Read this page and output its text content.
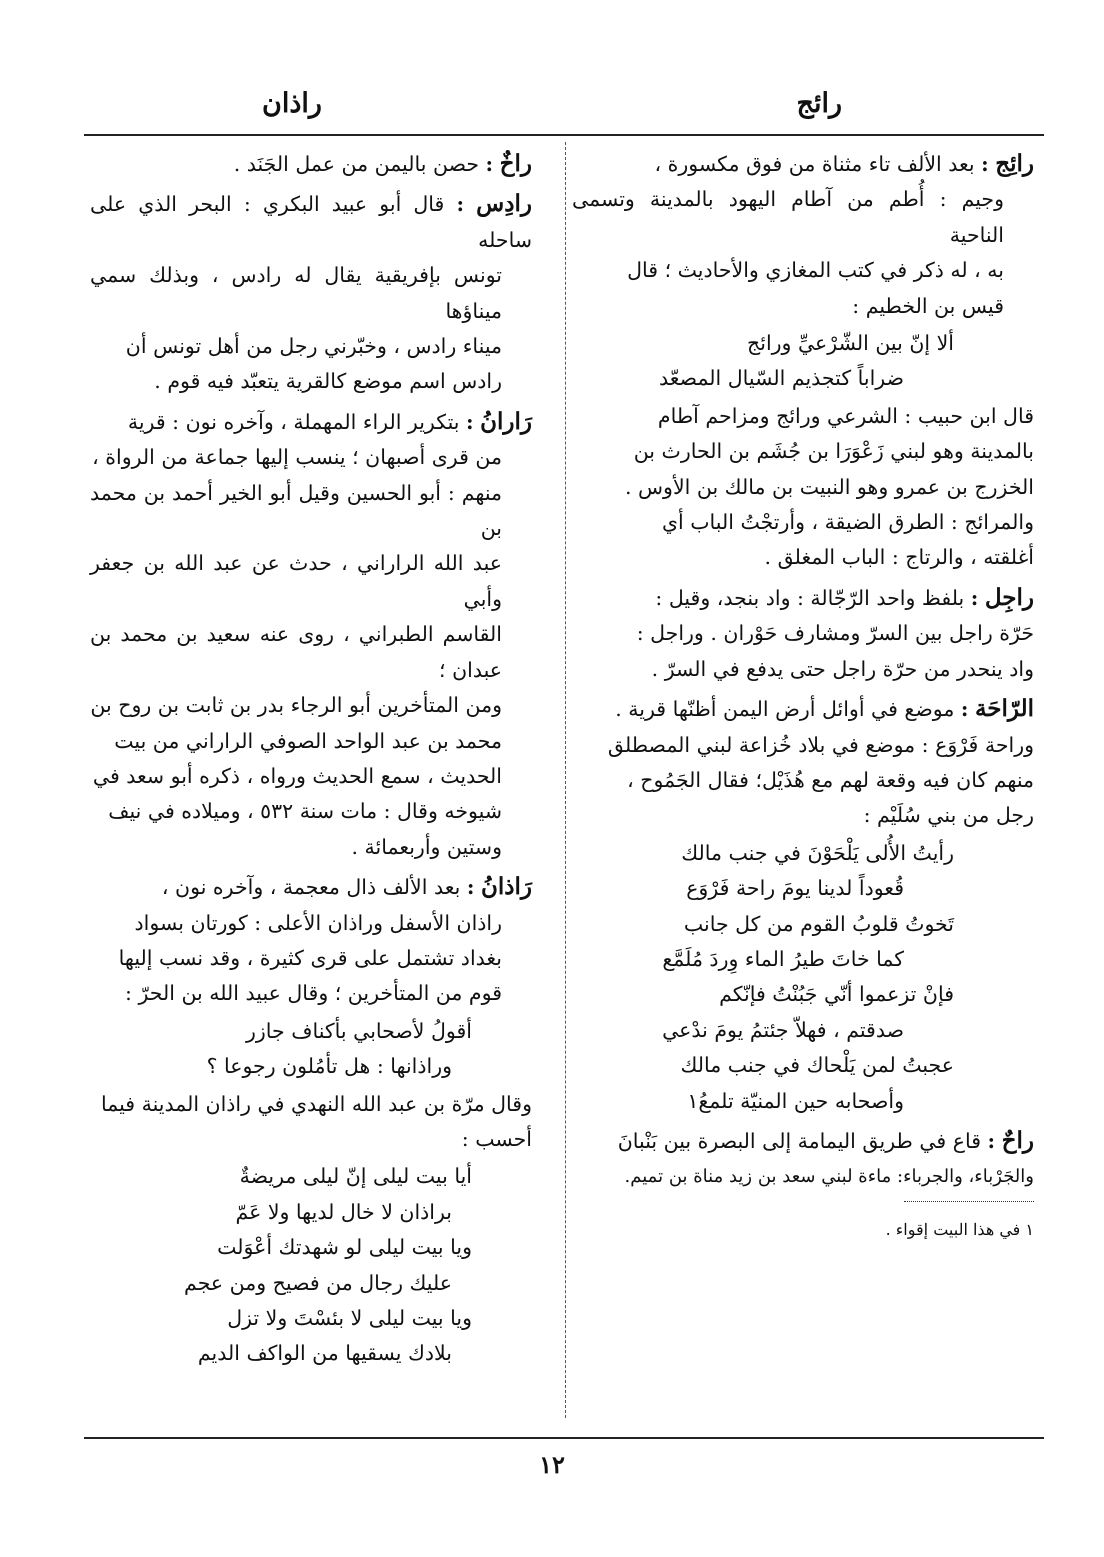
رائج
راذان

رائِج : بعد الألف تاء مثناة من فوق مكسورة ،

وجيم : أُطم من آطام اليهود بالمدينة وتسمى الناحية

به ، له ذكر في كتب المغازي والأحاديث ؛ قال

قيس بن الخطيم :

ألا إنّ بين الشّرْعيِّ ورائج
ضراباً كتجذيم السّيال المصعّد

قال ابن حبيب : الشرعي ورائج ومزاحم آطام

بالمدينة وهو لبني زَعْوَرَا بن جُشَم بن الحارث بن

الخزرج بن عمرو وهو النبيت بن مالك بن الأوس .

والمرائج : الطرق الضيقة ، وأرتجْتُ الباب أي

أغلقته ، والرتاج : الباب المغلق .

راجِل : بلفظ واحد الرّجّالة : واد بنجد، وقيل :

حَرّة راجل بين السرّ ومشارف حَوْران . وراجل :

واد ينحدر من حرّة راجل حتى يدفع في السرّ .

الرّاحَة : موضع في أوائل أرض اليمن أظنّها قرية .

وراحة فَرْوَع : موضع في بلاد خُزاعة لبني المصطلق

منهم كان فيه وقعة لهم مع هُذَيْل؛ فقال الجَمُوح ،

رجل من بني سُلَيْم :

رأيتُ الأُلى يَلْحَوْنَ في جنب مالك
قُعوداً لدينا يومَ راحة فَرْوَع
تَخوتُ قلوبُ القوم من كل جانب
كما خاتَ طيرُ الماء وِردَ مُلَمَّع
فإنْ تزعموا أنّي جَبُنْتُ فإنّكم
صدقتم ، فهلاّ جئتمُ يومَ ندْعي
عجبتُ لمن يَلْحاك في جنب مالك
وأصحابه حين المنيّة تلمعُ١

راحٌ : قاع في طريق اليمامة إلى البصرة بين بَنْبانَ

والجَرْباء، والجرباء: ماءة لبني سعد بن زيد مناة بن تميم.

١ في هذا البيت إقواء .

راخٌ : حصن باليمن من عمل الجَنَد .

رادِس : قال أبو عبيد البكري : البحر الذي على ساحله

تونس بإفريقية يقال له رادس ، وبذلك سمي ميناؤها

ميناء رادس ، وخبّرني رجل من أهل تونس أن

رادس اسم موضع كالقرية يتعبّد فيه قوم .

رَارانُ : بتكرير الراء المهملة ، وآخره نون : قرية

من قرى أصبهان ؛ ينسب إليها جماعة من الرواة ،

منهم : أبو الحسين وقيل أبو الخير أحمد بن محمد بن

عبد الله الراراني ، حدث عن عبد الله بن جعفر وأبي

القاسم الطبراني ، روى عنه سعيد بن محمد بن عبدان ؛

ومن المتأخرين أبو الرجاء بدر بن ثابت بن روح بن

محمد بن عبد الواحد الصوفي الراراني من بيت

الحديث ، سمع الحديث ورواه ، ذكره أبو سعد في

شيوخه وقال : مات سنة ٥٣٢ ، وميلاده في نيف

وستين وأربعمائة .

رَاذانُ : بعد الألف ذال معجمة ، وآخره نون ،

راذان الأسفل وراذان الأعلى : كورتان بسواد

بغداد تشتمل على قرى كثيرة ، وقد نسب إليها

قوم من المتأخرين ؛ وقال عبيد الله بن الحرّ :

أقولُ لأصحابي بأكناف جازر
وراذانها : هل تأمُلون رجوعا ؟

وقال مرّة بن عبد الله النهدي في راذان المدينة فيما

أحسب :

أيا بيت ليلى إنّ ليلى مريضةٌ
براذان لا خال لديها ولا عَمّ
ويا بيت ليلى لو شهدتك أعْوَلت
عليك رجال من فصيح ومن عجم
ويا بيت ليلى لا بئسْتَ ولا تزل
بلادك يسقيها من الواكف الديم
١٢
